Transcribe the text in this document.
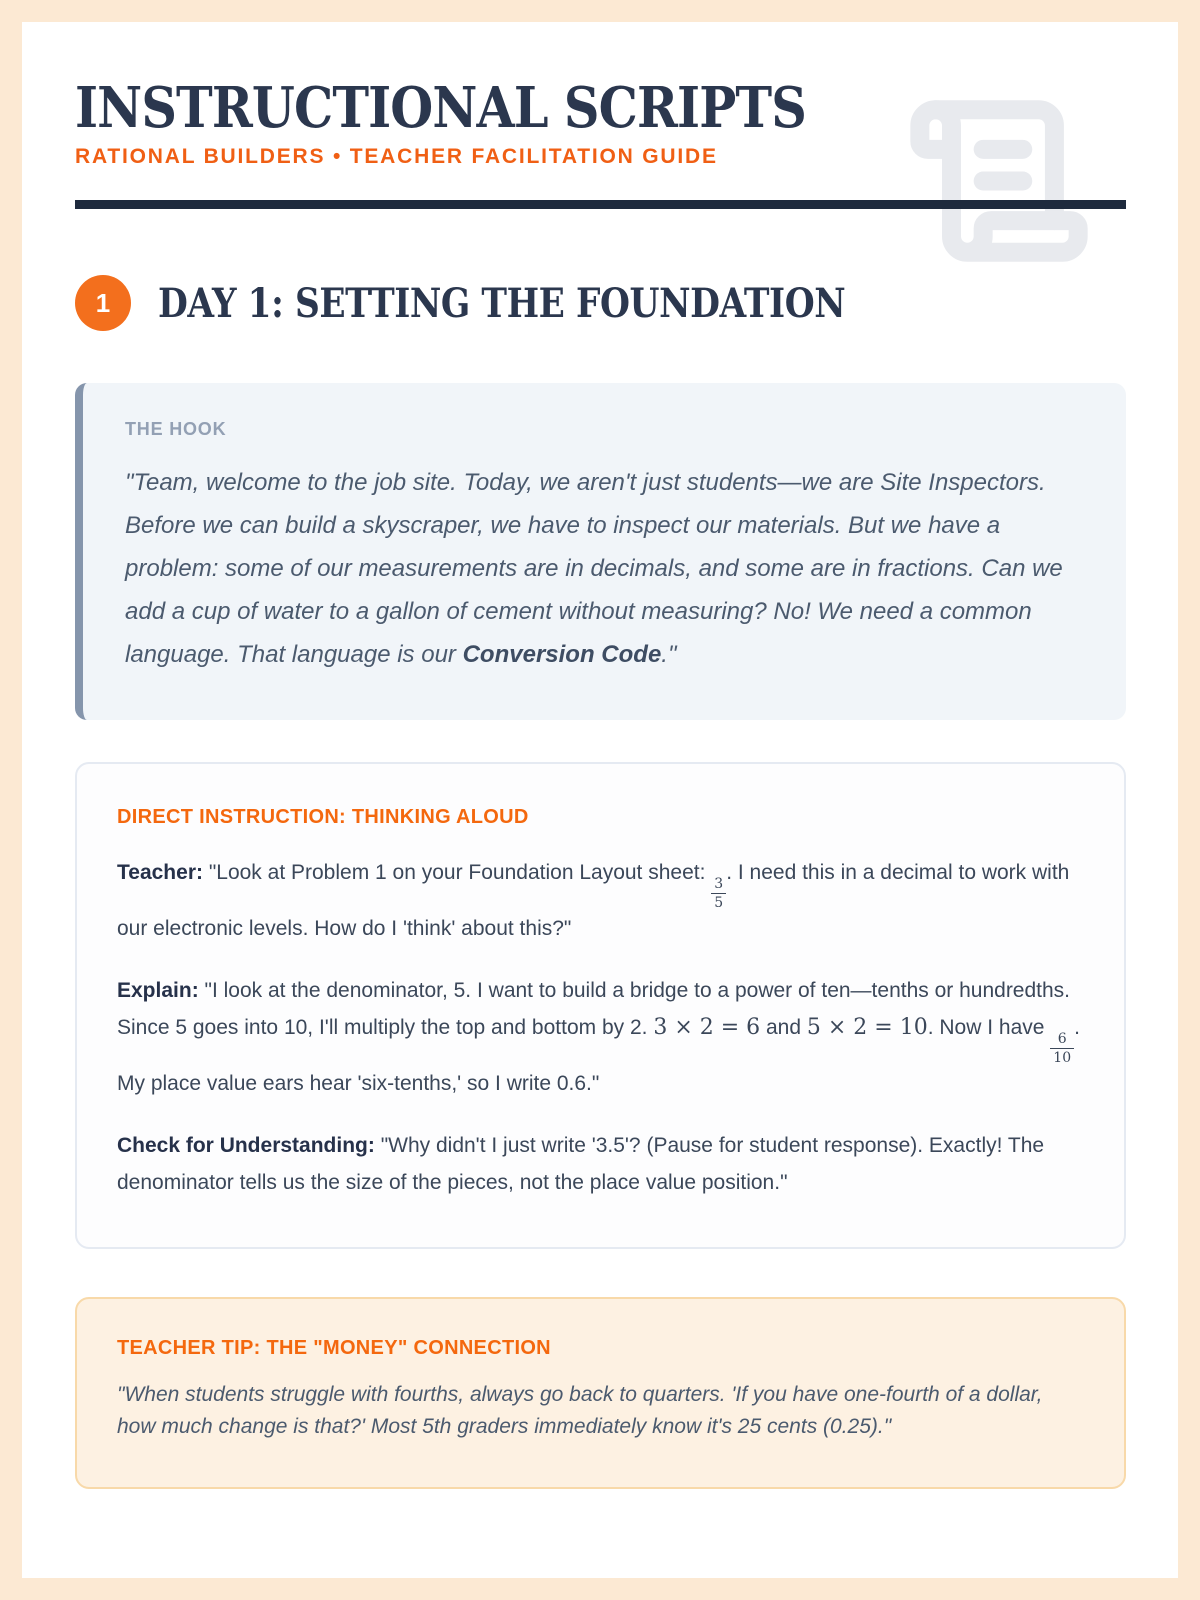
INSTRUCTIONAL SCRIPTS
RATIONAL BUILDERS • TEACHER FACILITATION GUIDE
1	DAY 1: SETTING THE FOUNDATION
THE HOOK

"Team, welcome to the job site. Today, we aren't just students—we are Site Inspectors. Before we can build a skyscraper, we have to inspect our materials. But we have a problem: some of our measurements are in decimals, and some are in fractions. Can we add a cup of water to a gallon of cement without measuring? No! We need a common language. That language is our Conversion Code."

DIRECT INSTRUCTION: THINKING ALOUD

Teacher: "Look at Problem 1 on your Foundation Layout sheet:
$\frac{3}{5}$
. I need this in a decimal to work with our electronic levels. How do I 'think' about this?"

Explain: "I look at the denominator, 5. I want to build a bridge to a power of ten—tenths or hundredths. Since 5 goes into 10, I'll multiply the top and bottom by 2. 3 × 2 = 6 and 5 × 2 = 10. Now I have
$\frac{6}{10}$
. My place value ears hear 'six-tenths,' so I write 0.6."

Check for Understanding: "Why didn't I just write '3.5'? (Pause for student response). Exactly! The denominator tells us the size of the pieces, not the place value position."

TEACHER TIP: THE "MONEY" CONNECTION

"When students struggle with fourths, always go back to quarters. 'If you have one-fourth of a dollar, how much change is that?' Most 5th graders immediately know it's 25 cents (0.25)."
